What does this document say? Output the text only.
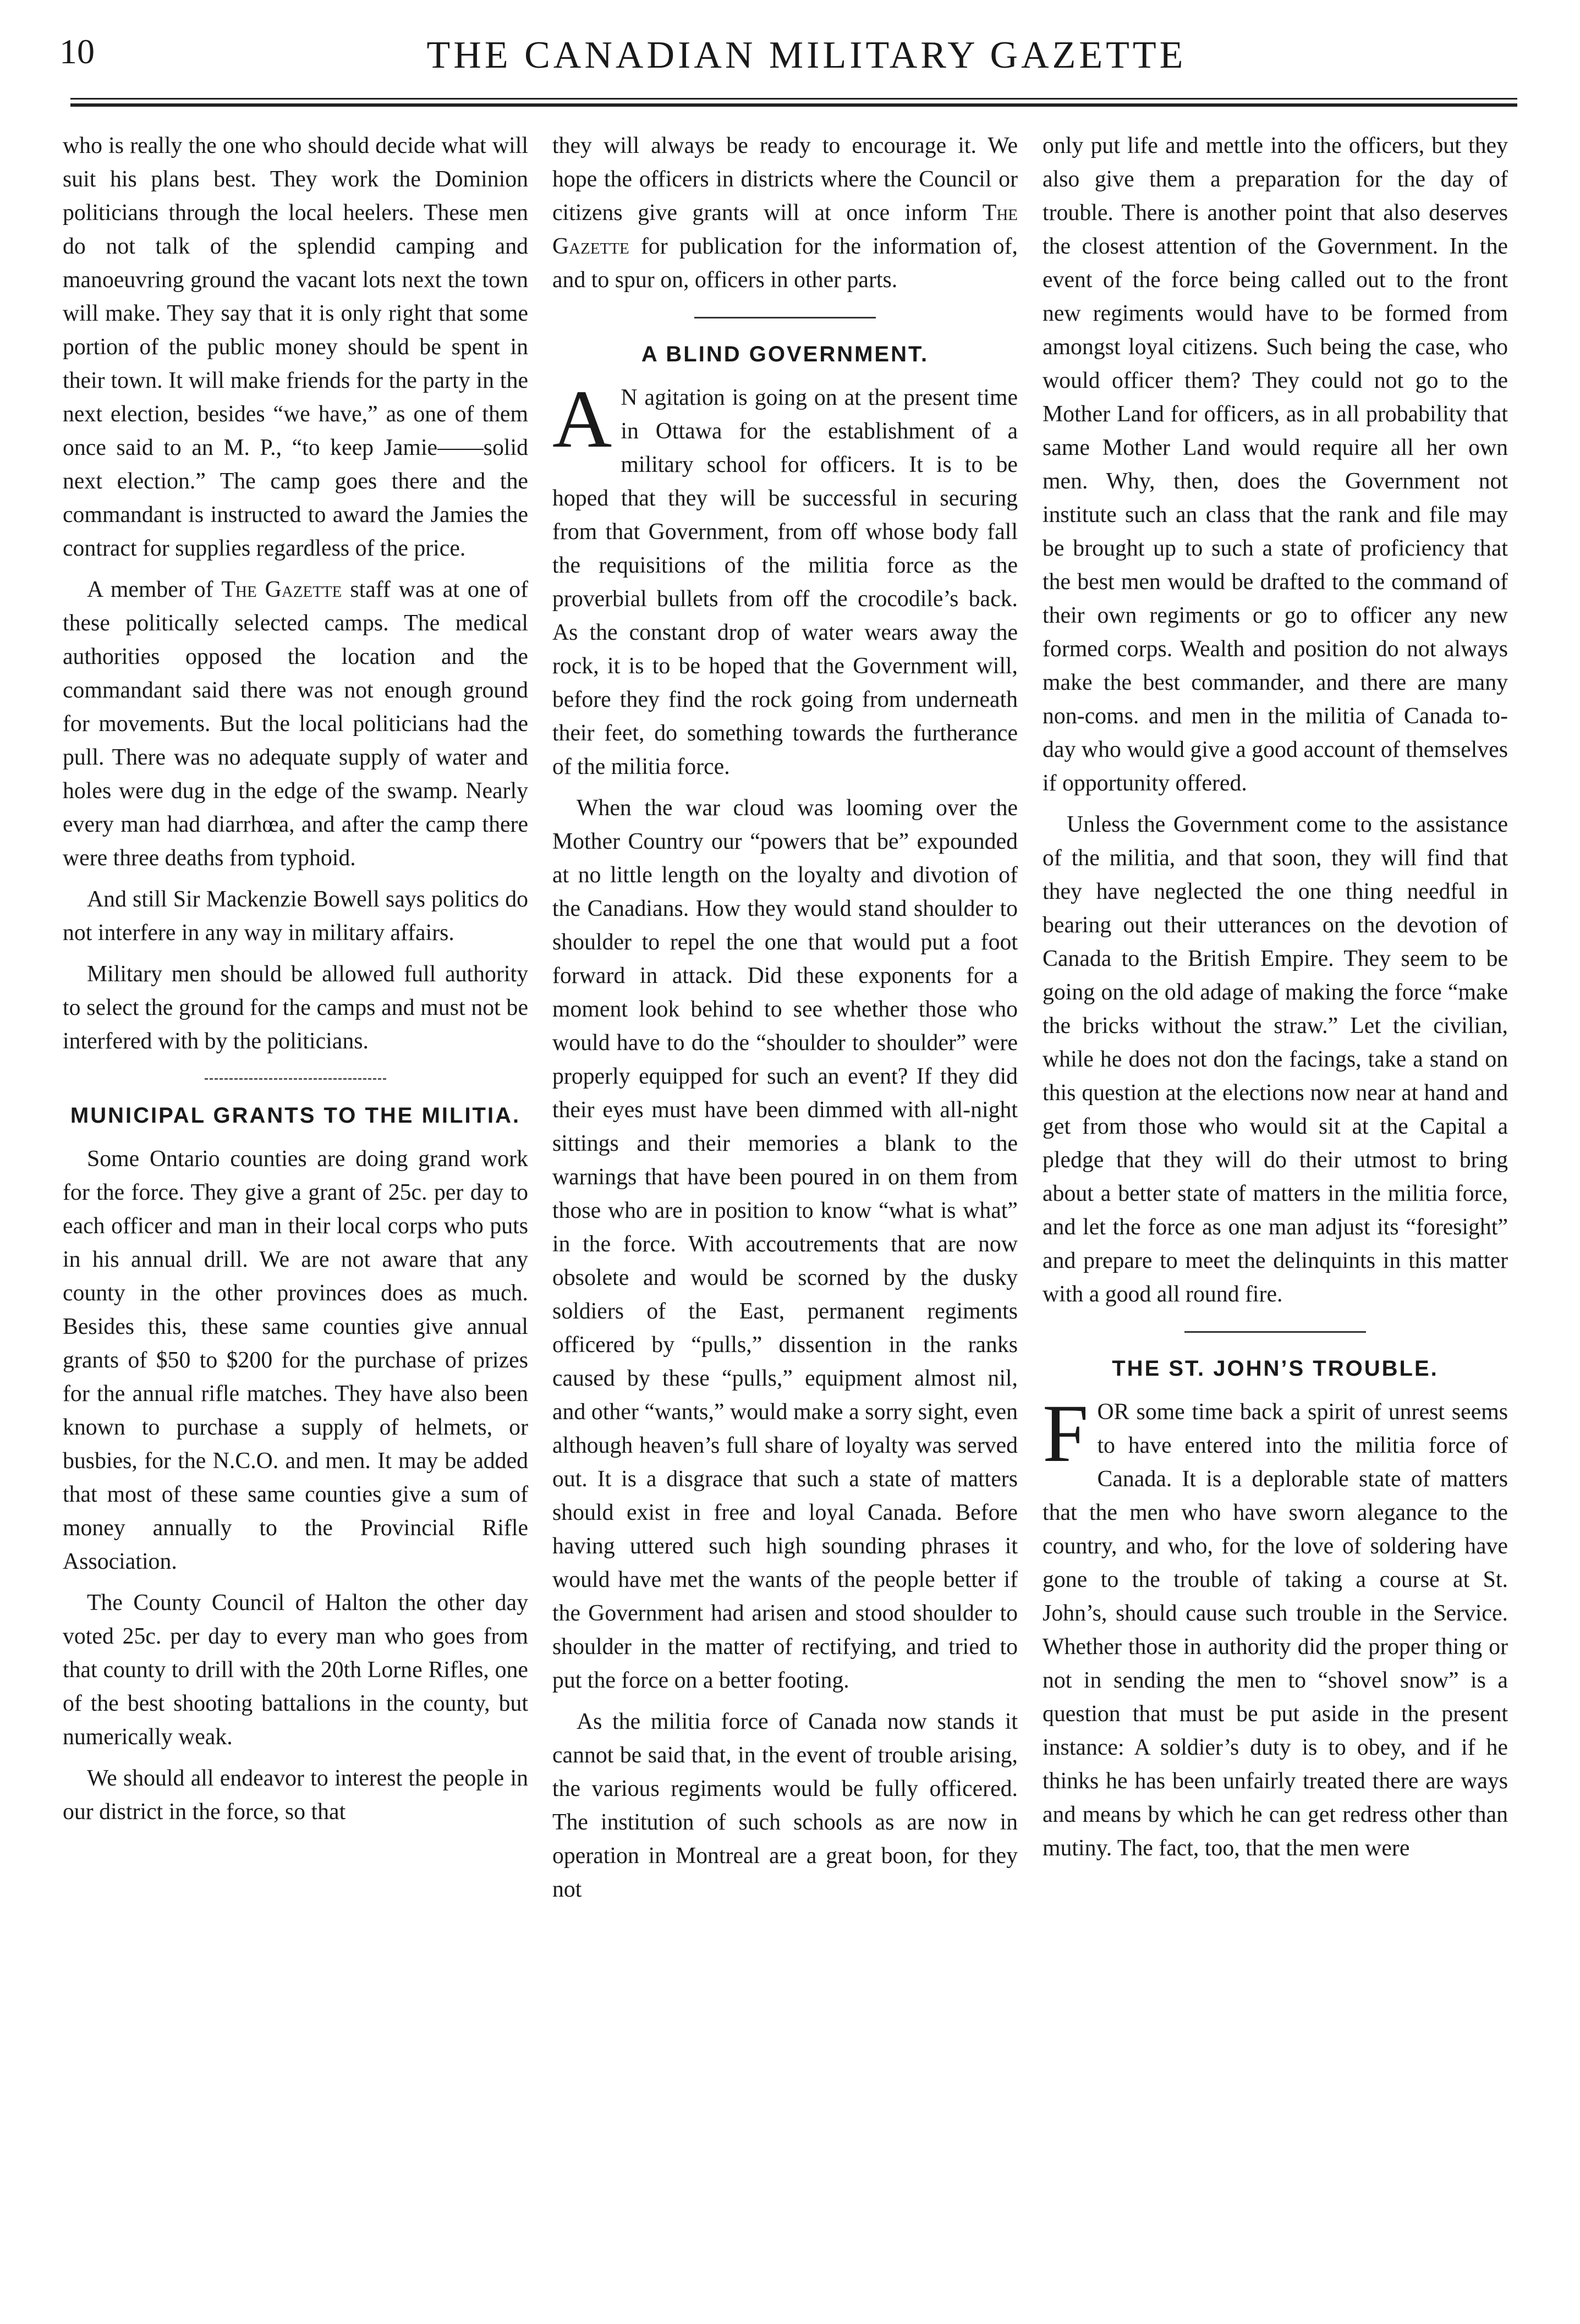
10	THE CANADIAN MILITARY GAZETTE

who is really the one who should decide what will suit his plans best. They work the Dominion politicians through the local heelers. These men do not talk of the splendid camping and manoeuvring ground the vacant lots next the town will make. They say that it is only right that some portion of the public money should be spent in their town. It will make friends for the party in the next election, besides “we have,” as one of them once said to an M. P., “to keep Jamie——solid next election.” The camp goes there and the commandant is instructed to award the Jamies the contract for supplies regardless of the price.

A member of The Gazette staff was at one of these politically selected camps. The medical authorities opposed the location and the commandant said there was not enough ground for movements. But the local politicians had the pull. There was no adequate supply of water and holes were dug in the edge of the swamp. Nearly every man had diarrhœa, and after the camp there were three deaths from typhoid.

And still Sir Mackenzie Bowell says politics do not interfere in any way in military affairs.

Military men should be allowed full authority to select the ground for the camps and must not be interfered with by the politicians.

MUNICIPAL GRANTS TO THE MILITIA.

Some Ontario counties are doing grand work for the force. They give a grant of 25c. per day to each officer and man in their local corps who puts in his annual drill. We are not aware that any county in the other provinces does as much. Besides this, these same counties give annual grants of $50 to $200 for the purchase of prizes for the annual rifle matches. They have also been known to purchase a supply of helmets, or busbies, for the N.C.O. and men. It may be added that most of these same counties give a sum of money annually to the Provincial Rifle Association.

The County Council of Halton the other day voted 25c. per day to every man who goes from that county to drill with the 20th Lorne Rifles, one of the best shooting battalions in the county, but numerically weak.

We should all endeavor to interest the people in our district in the force, so that

they will always be ready to encourage it. We hope the officers in districts where the Council or citizens give grants will at once inform The Gazette for publication for the information of, and to spur on, officers in other parts.

A BLIND GOVERNMENT.

A N agitation is going on at the present time in Ottawa for the establishment of a military school for officers. It is to be hoped that they will be successful in securing from that Government, from off whose body fall the requisitions of the militia force as the proverbial bullets from off the crocodile’s back. As the constant drop of water wears away the rock, it is to be hoped that the Government will, before they find the rock going from underneath their feet, do something towards the furtherance of the militia force.

When the war cloud was looming over the Mother Country our “powers that be” expounded at no little length on the loyalty and divotion of the Canadians. How they would stand shoulder to shoulder to repel the one that would put a foot forward in attack. Did these exponents for a moment look behind to see whether those who would have to do the “shoulder to shoulder” were properly equipped for such an event? If they did their eyes must have been dimmed with all-night sittings and their memories a blank to the warnings that have been poured in on them from those who are in position to know “what is what” in the force. With accoutrements that are now obsolete and would be scorned by the dusky soldiers of the East, permanent regiments officered by “pulls,” dissention in the ranks caused by these “pulls,” equipment almost nil, and other “wants,” would make a sorry sight, even although heaven’s full share of loyalty was served out. It is a disgrace that such a state of matters should exist in free and loyal Canada. Before having uttered such high sounding phrases it would have met the wants of the people better if the Government had arisen and stood shoulder to shoulder in the matter of rectifying, and tried to put the force on a better footing.

As the militia force of Canada now stands it cannot be said that, in the event of trouble arising, the various regiments would be fully officered. The institution of such schools as are now in operation in Montreal are a great boon, for they not

only put life and mettle into the officers, but they also give them a preparation for the day of trouble. There is another point that also deserves the closest attention of the Government. In the event of the force being called out to the front new regiments would have to be formed from amongst loyal citizens. Such being the case, who would officer them? They could not go to the Mother Land for officers, as in all probability that same Mother Land would require all her own men. Why, then, does the Government not institute such an class that the rank and file may be brought up to such a state of proficiency that the best men would be drafted to the command of their own regiments or go to officer any new formed corps. Wealth and position do not always make the best commander, and there are many non-coms. and men in the militia of Canada to-day who would give a good account of themselves if opportunity offered.

Unless the Government come to the assistance of the militia, and that soon, they will find that they have neglected the one thing needful in bearing out their utterances on the devotion of Canada to the British Empire. They seem to be going on the old adage of making the force “make the bricks without the straw.” Let the civilian, while he does not don the facings, take a stand on this question at the elections now near at hand and get from those who would sit at the Capital a pledge that they will do their utmost to bring about a better state of matters in the militia force, and let the force as one man adjust its “foresight” and prepare to meet the delinquints in this matter with a good all round fire.

THE ST. JOHN’S TROUBLE.

FOR some time back a spirit of unrest seems to have entered into the militia force of Canada. It is a deplorable state of matters that the men who have sworn alegance to the country, and who, for the love of soldering have gone to the trouble of taking a course at St. John’s, should cause such trouble in the Service. Whether those in authority did the proper thing or not in sending the men to “shovel snow” is a question that must be put aside in the present instance: A soldier’s duty is to obey, and if he thinks he has been unfairly treated there are ways and means by which he can get redress other than mutiny. The fact, too, that the men were
